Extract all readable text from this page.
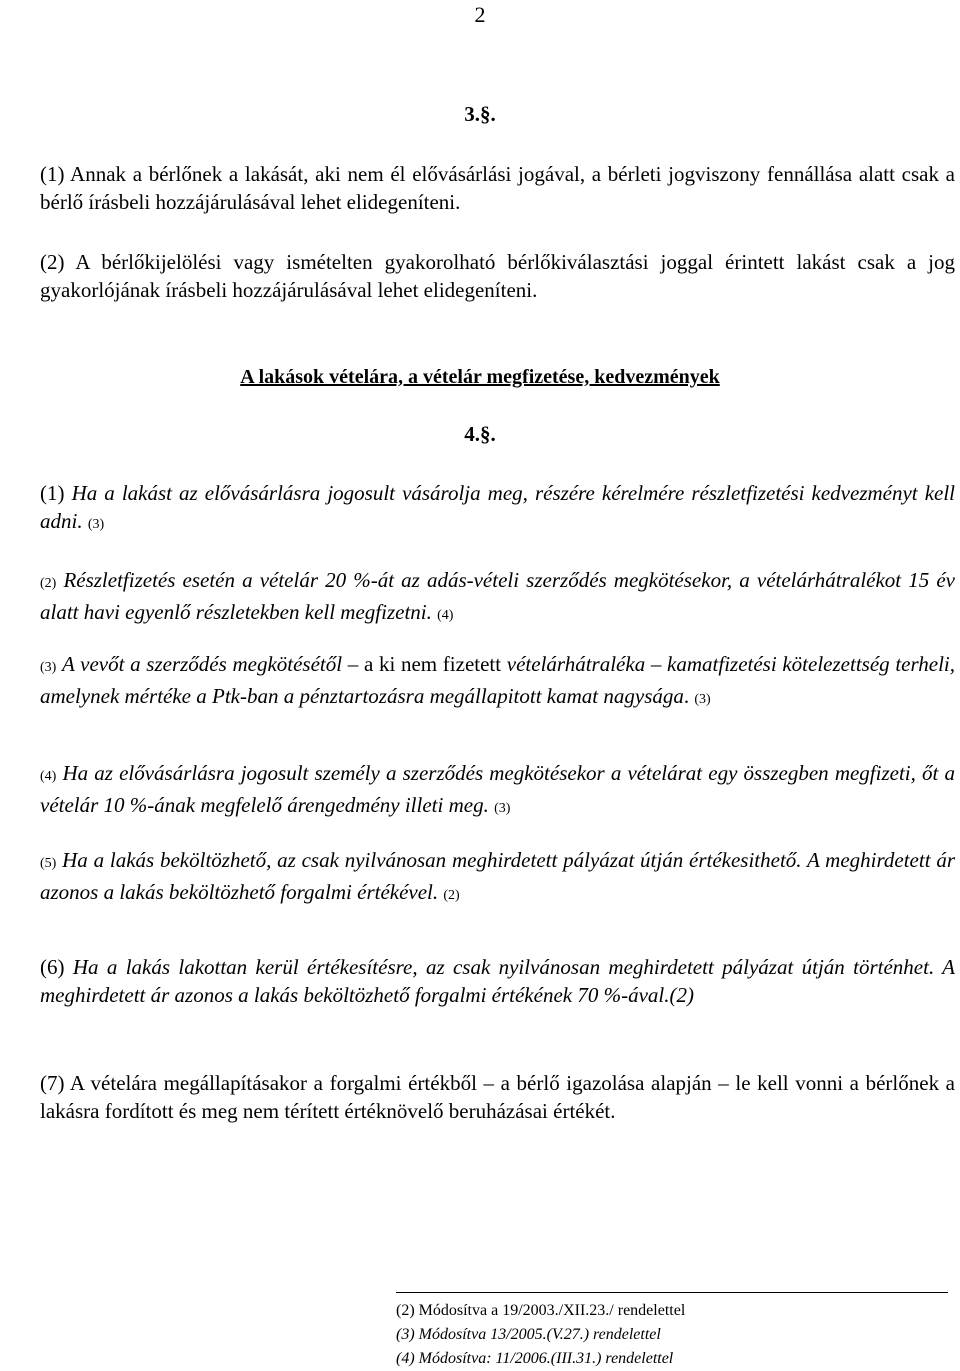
2
3.§.
(1) Annak a bérlőnek a lakását, aki nem él elővásárlási jogával, a bérleti jogviszony fennállása alatt csak a bérlő írásbeli hozzájárulásával lehet elidegeníteni.
(2) A bérlőkijelölési vagy ismételten gyakorolható bérlőkiválasztási joggal érintett lakást csak a jog gyakorlójának írásbeli hozzájárulásával lehet elidegeníteni.
A lakások vételára, a vételár megfizetése, kedvezmények
4.§.
(1) Ha a lakást az elővásárlásra jogosult vásárolja meg, részére kérelmére részletfizetési kedvezményt kell adni. (3)
(2) Részletfizetés esetén a vételár 20 %-át az adás-vételi szerződés megkötésekor, a vételárhátralékot 15 év alatt havi egyenlő részletekben kell megfizetni. (4)
(3) A vevőt a szerződés megkötésétől – a ki nem fizetett vételárhátraléka – kamatfizetési kötelezettség terheli, amelynek mértéke a Ptk-ban a pénztartozásra megállapitott kamat nagysága. (3)
(4) Ha az elővásárlásra jogosult személy a szerződés megkötésekor a vételárat egy összegben megfizeti, őt a vételár 10 %-ának megfelelő árengedmény illeti meg. (3)
(5) Ha a lakás beköltözhető, az csak nyilvánosan meghirdetett pályázat útján értékesithető. A meghirdetett ár azonos a lakás beköltözhető forgalmi értékével. (2)
(6) Ha a lakás lakottan kerül értékesítésre, az csak nyilvánosan meghirdetett pályázat útján történhet. A meghirdetett ár azonos a lakás beköltözhető forgalmi értékének 70 %-ával.(2)
(7) A vételára megállapításakor a forgalmi értékből – a bérlő igazolása alapján – le kell vonni a bérlőnek a lakásra fordított és meg nem térített értéknövelő beruházásai értékét.
(2) Módosítva a 19/2003./XII.23./ rendelettel
(3) Módosítva 13/2005.(V.27.) rendelettel
(4) Módosítva: 11/2006.(III.31.) rendelettel
